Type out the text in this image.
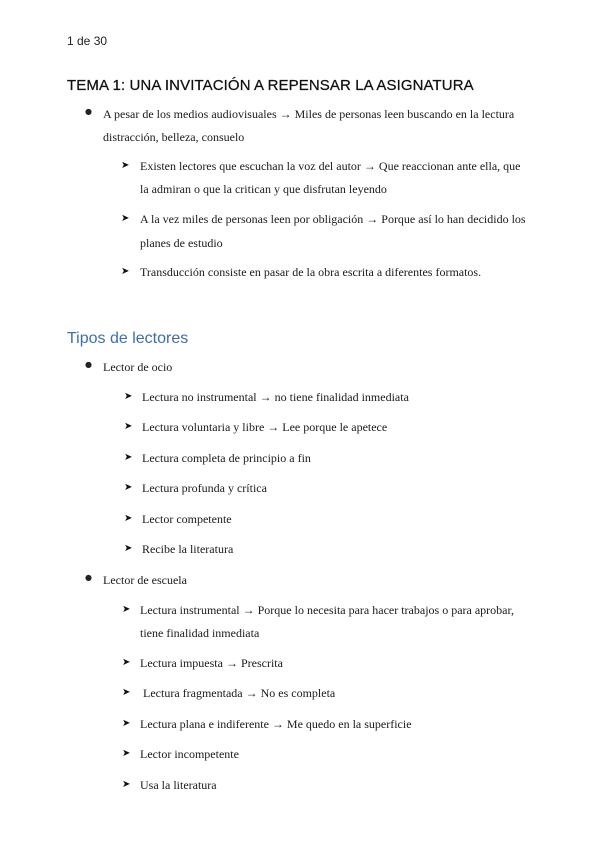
1 de 30
TEMA 1: UNA INVITACIÓN A REPENSAR LA ASIGNATURA
● A pesar de los medios audiovisuales → Miles de personas leen buscando en la lectura
distracción, belleza, consuelo
➤ Existen lectores que escuchan la voz del autor → Que reaccionan ante ella, que
la admiran o que la critican y que disfrutan leyendo
➤ A la vez miles de personas leen por obligación → Porque así lo han decidido los
planes de estudio
➤ Transducción consiste en pasar de la obra escrita a diferentes formatos.
Tipos de lectores
● Lector de ocio
➤ Lectura no instrumental → no tiene finalidad inmediata
➤ Lectura voluntaria y libre → Lee porque le apetece
➤ Lectura completa de principio a fin
➤ Lectura profunda y crítica
➤ Lector competente
➤ Recibe la literatura
● Lector de escuela
➤ Lectura instrumental → Porque lo necesita para hacer trabajos o para aprobar,
tiene finalidad inmediata
➤ Lectura impuesta → Prescrita
➤ Lectura fragmentada → No es completa
➤ Lectura plana e indiferente → Me quedo en la superficie
➤ Lector incompetente
➤ Usa la literatura
